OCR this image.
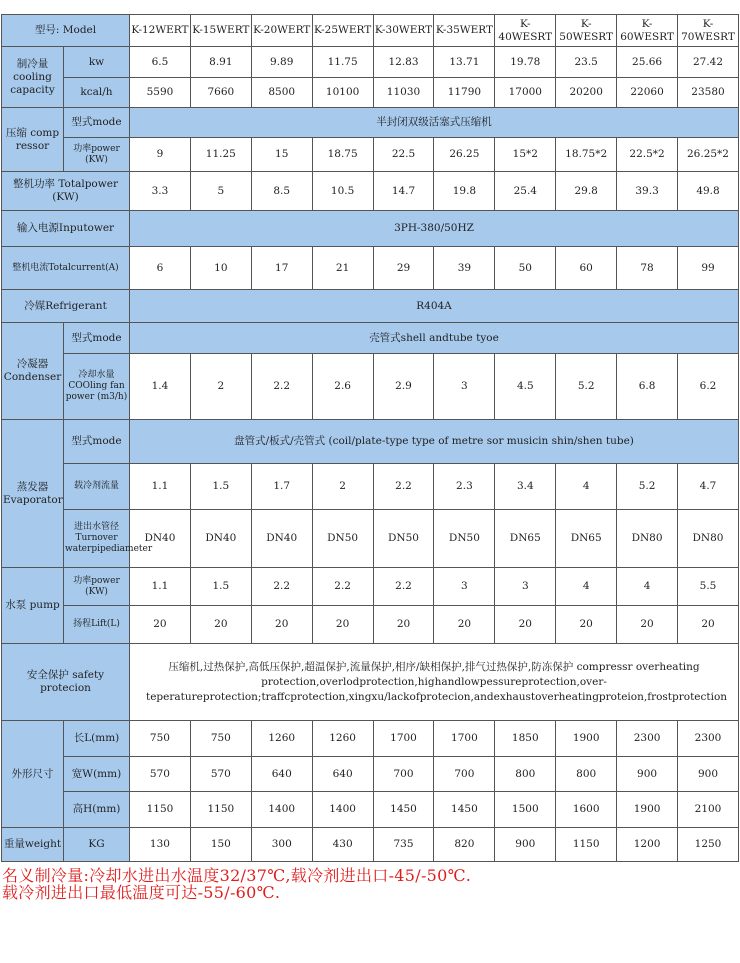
型号: Model		K-12WERT	K-15WERT	K-20WERT	K-25WERT	K-30WERT	K-35WERT	K-40WESRT	K-50WESRT	K-60WESRT	K-70WESRT
制冷量 cooling capacity	kw	6.5	8.91	9.89	11.75	12.83	13.71	19.78	23.5	25.66	27.42
	kcal/h	5590	7660	8500	10100	11030	11790	17000	20200	22060	23580
压缩 comp ressor	型式mode	半封闭双级活塞式压缩机									
	功率power (KW)	9	11.25	15	18.75	22.5	26.25	15*2	18.75*2	22.5*2	26.25*2
整机功率 Totalpower (KW)		3.3	5	8.5	10.5	14.7	19.8	25.4	29.8	39.3	49.8
输入电源Inputower		3PH-380/50HZ									
整机电流Totalcurrent(A)		6	10	17	21	29	39	50	60	78	99
冷媒Refrigerant		R404A									
冷凝器 Condenser	型式mode	壳管式shell andtube tyoe									
	冷却水量 COOling fan power (m3/h)	1.4	2	2.2	2.6	2.9	3	4.5	5.2	6.8	6.2
蒸发器 Evaporator	型式mode	盘管式/板式/壳管式 (coil/plate-type type of metre sor musicin shin/shen tube)									
	载冷剂流量	1.1	1.5	1.7	2	2.2	2.3	3.4	4	5.2	4.7
	进出水管径 Turnover waterpipediameter	DN40	DN40	DN40	DN50	DN50	DN50	DN65	DN65	DN80	DN80
水泵 pump	功率power (KW)	1.1	1.5	2.2	2.2	2.2	3	3	4	4	5.5
	扬程Lift(L)	20	20	20	20	20	20	20	20	20	20
安全保护 safety protecion		压缩机,过热保护,高低压保护,超温保护,流量保护,相序/缺相保护,排气过热保护,防冻保护 compressr overheating protection,overlodprotection,highandlowpessureprotection,over-teperatureprotection;traffcprotection,xingxu/lackofprotecion,andexhaustoverheatingproteion,frostprotection									
外形尺寸	长L(mm)	750	750	1260	1260	1700	1700	1850	1900	2300	2300
	宽W(mm)	570	570	640	640	700	700	800	800	900	900
	高H(mm)	1150	1150	1400	1400	1450	1450	1500	1600	1900	2100
重量weight	KG	130	150	300	430	735	820	900	1150	1200	1250
名义制冷量:冷却水进出水温度32/37℃,载冷剂进出口-45/-50℃.
载冷剂进出口最低温度可达-55/-60℃.
